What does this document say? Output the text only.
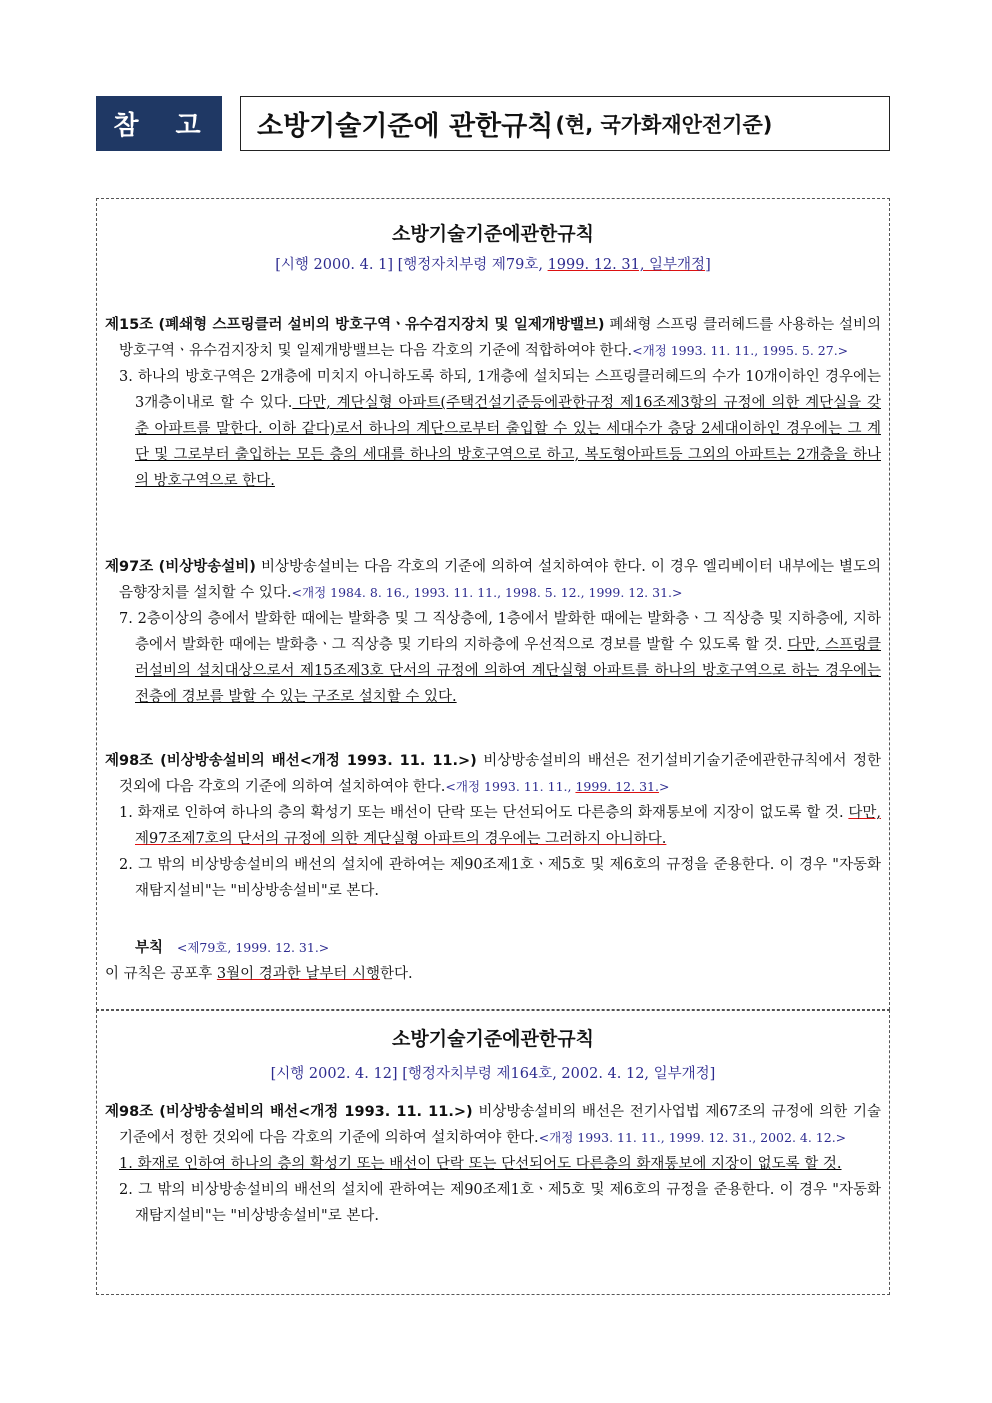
참 고 소방기술기준에 관한규칙 (현, 국가화재안전기준)
소방기술기준에관한규칙
[시행 2000. 4. 1] [행정자치부령 제79호, 1999. 12. 31, 일부개정]
제15조 (폐쇄형 스프링클러 설비의 방호구역ㆍ유수검지장치 및 일제개방밸브) 폐쇄형 스프링 클러헤드를 사용하는 설비의 방호구역ㆍ유수검지장치 및 일제개방밸브는 다음 각호의 기준에 적합하여야 한다.<개정 1993. 11. 11., 1995. 5. 27.>
3. 하나의 방호구역은 2개층에 미치지 아니하도록 하되, 1개층에 설치되는 스프링클러헤드의 수가 10개이하인 경우에는 3개층이내로 할 수 있다. 다만, 계단실형 아파트(주택건설기준등에관한규정 제16조제3항의 규정에 의한 계단실을 갖춘 아파트를 말한다. 이하 같다)로서 하나의 계단으로부터 출입할 수 있는 세대수가 층당 2세대이하인 경우에는 그 계단 및 그로부터 출입하는 모든 층의 세대를 하나의 방호구역으로 하고, 복도형아파트등 그외의 아파트는 2개층을 하나의 방호구역으로 한다.
제97조 (비상방송설비) 비상방송설비는 다음 각호의 기준에 의하여 설치하여야 한다. 이 경우 엘리베이터 내부에는 별도의 음향장치를 설치할 수 있다.<개정 1984. 8. 16., 1993. 11. 11., 1998. 5. 12., 1999. 12. 31.>
7. 2층이상의 층에서 발화한 때에는 발화층 및 그 직상층에, 1층에서 발화한 때에는 발화층ㆍ그 직상층 및 지하층에, 지하층에서 발화한 때에는 발화층ㆍ그 직상층 및 기타의 지하층에 우선적으로 경보를 발할 수 있도록 할 것. 다만, 스프링클러설비의 설치대상으로서 제15조제3호 단서의 규정에 의하여 계단실형 아파트를 하나의 방호구역으로 하는 경우에는 전층에 경보를 발할 수 있는 구조로 설치할 수 있다.
제98조 (비상방송설비의 배선<개정 1993. 11. 11.>) 비상방송설비의 배선은 전기설비기술기준에관한규칙에서 정한 것외에 다음 각호의 기준에 의하여 설치하여야 한다.<개정 1993. 11. 11., 1999. 12. 31.>
1. 화재로 인하여 하나의 층의 확성기 또는 배선이 단락 또는 단선되어도 다른층의 화재통보에 지장이 없도록 할 것. 다만, 제97조제7호의 단서의 규정에 의한 계단실형 아파트의 경우에는 그러하지 아니하다.
2. 그 밖의 비상방송설비의 배선의 설치에 관하여는 제90조제1호ㆍ제5호 및 제6호의 규정을 준용한다. 이 경우 "자동화재탐지설비"는 "비상방송설비"로 본다.
부칙 <제79호, 1999. 12. 31.>
이 규칙은 공포후 3월이 경과한 날부터 시행한다.
소방기술기준에관한규칙
[시행 2002. 4. 12] [행정자치부령 제164호, 2002. 4. 12, 일부개정]
제98조 (비상방송설비의 배선<개정 1993. 11. 11.>) 비상방송설비의 배선은 전기사업법 제67조의 규정에 의한 기술기준에서 정한 것외에 다음 각호의 기준에 의하여 설치하여야 한다.<개정 1993. 11. 11., 1999. 12. 31., 2002. 4. 12.>
1. 화재로 인하여 하나의 층의 확성기 또는 배선이 단락 또는 단선되어도 다른층의 화재통보에 지장이 없도록 할 것.
2. 그 밖의 비상방송설비의 배선의 설치에 관하여는 제90조제1호ㆍ제5호 및 제6호의 규정을 준용한다. 이 경우 "자동화재탐지설비"는 "비상방송설비"로 본다.
